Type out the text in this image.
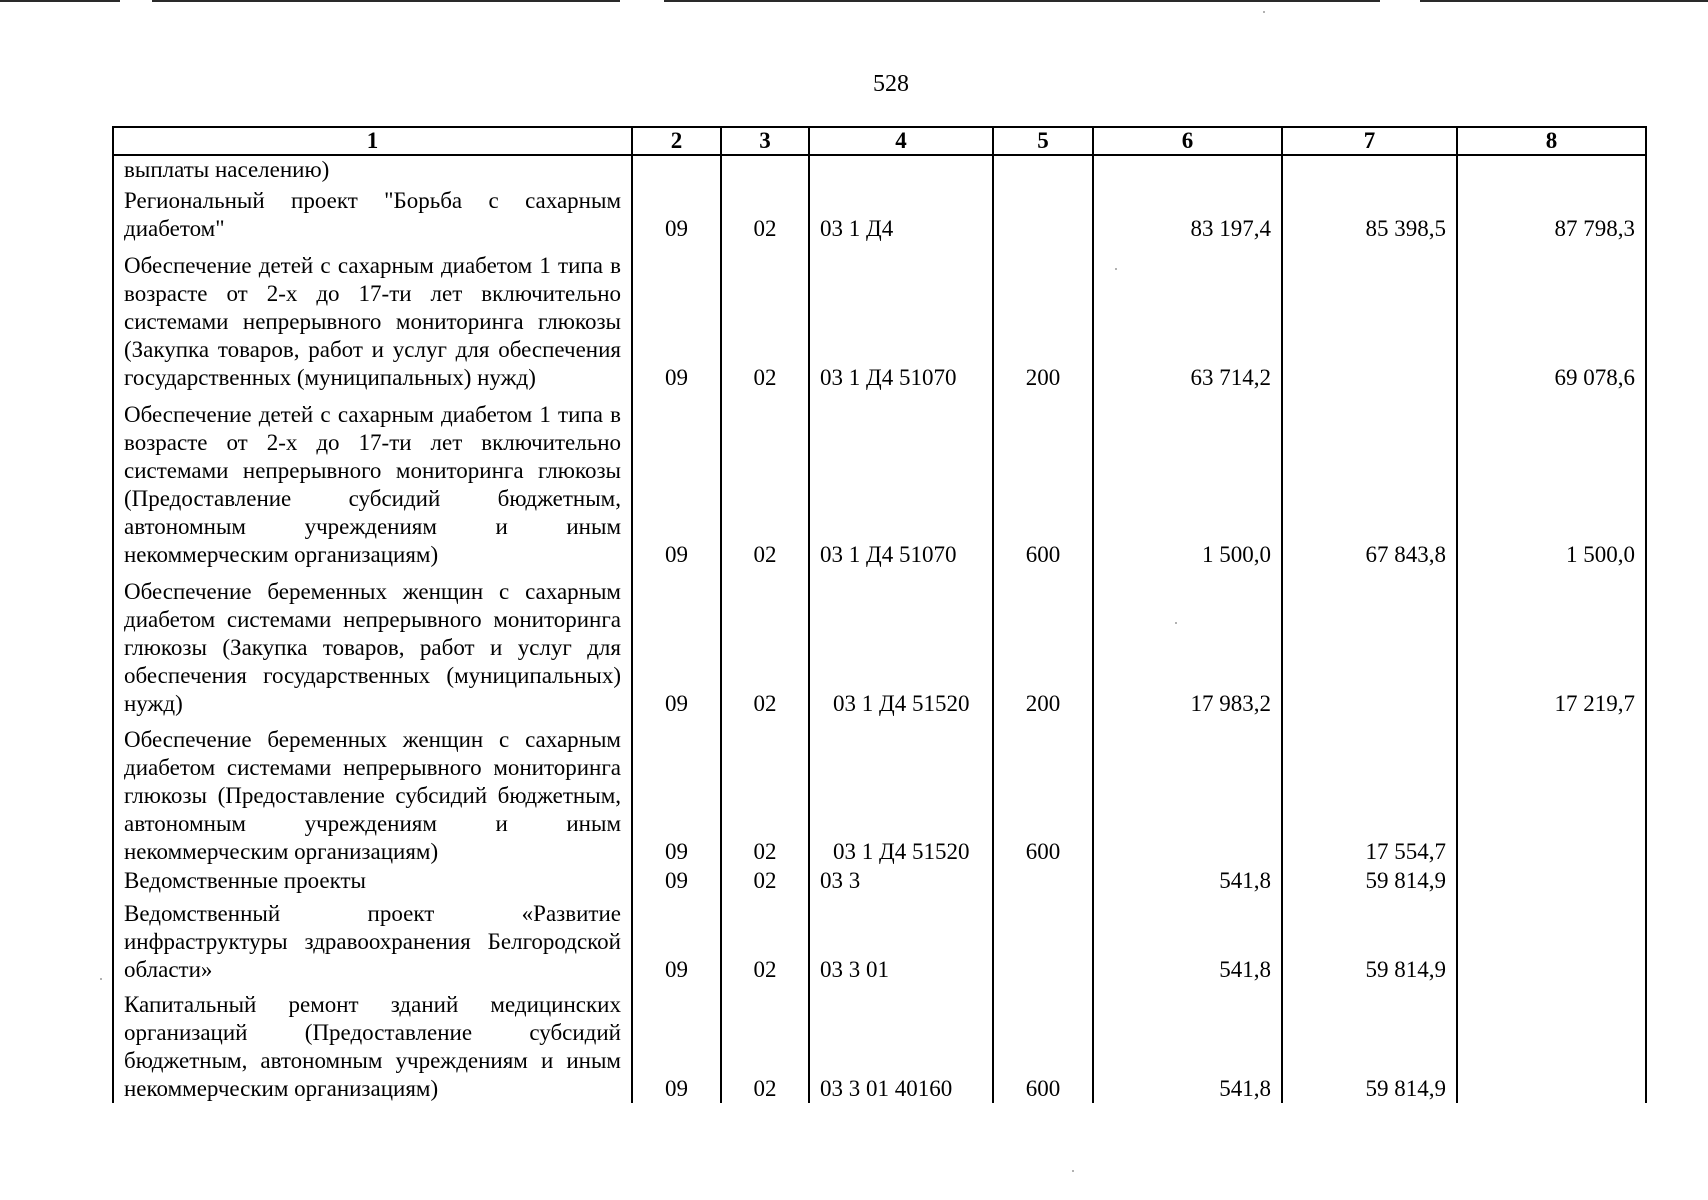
528
1	2	3	4	5	6	7	8
выплаты населению)							
Региональный проект "Борьба с сахарным диабетом"	09	02	03 1 Д4		83 197,4	85 398,5	87 798,3
Обеспечение детей с сахарным диабетом 1 типа в возрасте от 2-х до 17-ти лет включительно системами непрерывного мониторинга глюкозы (Закупка товаров, работ и услуг для обеспечения государственных (муниципальных) нужд)	09	02	03 1 Д4 51070	200	63 714,2		69 078,6
Обеспечение детей с сахарным диабетом 1 типа в возрасте от 2-х до 17-ти лет включительно системами непрерывного мониторинга глюкозы (Предоставление субсидий бюджетным, автономным учреждениям и иным некоммерческим организациям)	09	02	03 1 Д4 51070	600	1 500,0	67 843,8	1 500,0
Обеспечение беременных женщин с сахарным диабетом системами непрерывного мониторинга глюкозы (Закупка товаров, работ и услуг для обеспечения государственных (муниципальных) нужд)	09	02	03 1 Д4 51520	200	17 983,2		17 219,7
Обеспечение беременных женщин с сахарным диабетом системами непрерывного мониторинга глюкозы (Предоставление субсидий бюджетным, автономным учреждениям и иным некоммерческим организациям)	09	02	03 1 Д4 51520	600		17 554,7	
Ведомственные проекты	09	02	03 3		541,8	59 814,9	
Ведомственный проект «Развитие инфраструктуры здравоохранения Белгородской области»	09	02	03 3 01		541,8	59 814,9	
Капитальный ремонт зданий медицинских организаций (Предоставление субсидий бюджетным, автономным учреждениям и иным некоммерческим организациям)	09	02	03 3 01 40160	600	541,8	59 814,9	
